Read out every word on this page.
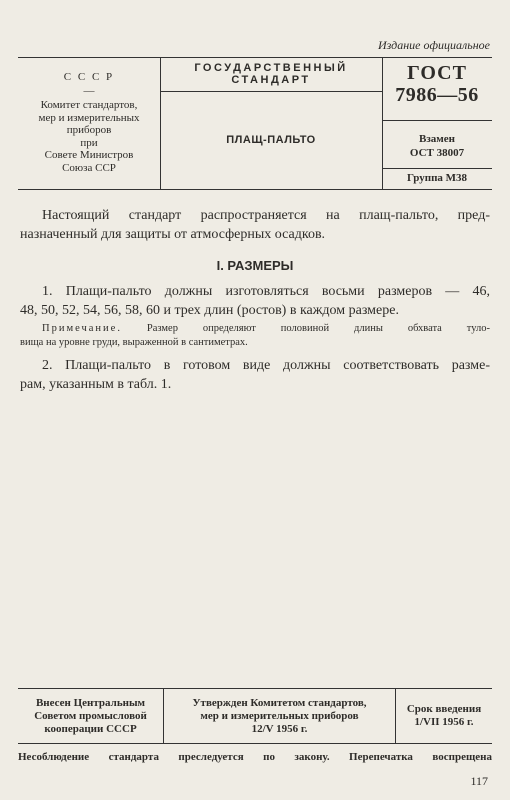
Издание официальное
С С С Р
—
Комитет стандартов,
мер и измерительных
приборов
при
Совете Министров
Союза ССР
ГОСУДАРСТВЕННЫЙ
СТАНДАРТ
ПЛАЩ-ПАЛЬТО
ГОСТ
7986—56
Взамен
ОСТ 38007
Группа М38
Настоящий стандарт распространяется на плащ-пальто, пред-
назначенный для защиты от атмосферных осадков.
I. РАЗМЕРЫ
1. Плащи-пальто должны изготовляться восьми размеров — 46,
48, 50, 52, 54, 56, 58, 60 и трех длин (ростов) в каждом размере.
Примечание. Размер определяют половиной длины обхвата туло-
вища на уровне груди, выраженной в сантиметрах.
2. Плащи-пальто в готовом виде должны соответствовать разме-
рам, указанным в табл. 1.
Внесен Центральным
Советом промысловой
кооперации СССР
Утвержден Комитетом стандартов,
мер и измерительных приборов
12/V 1956 г.
Срок введения
1/VII 1956 г.
Несоблюдение стандарта преследуется по закону. Перепечатка воспрещена
117
